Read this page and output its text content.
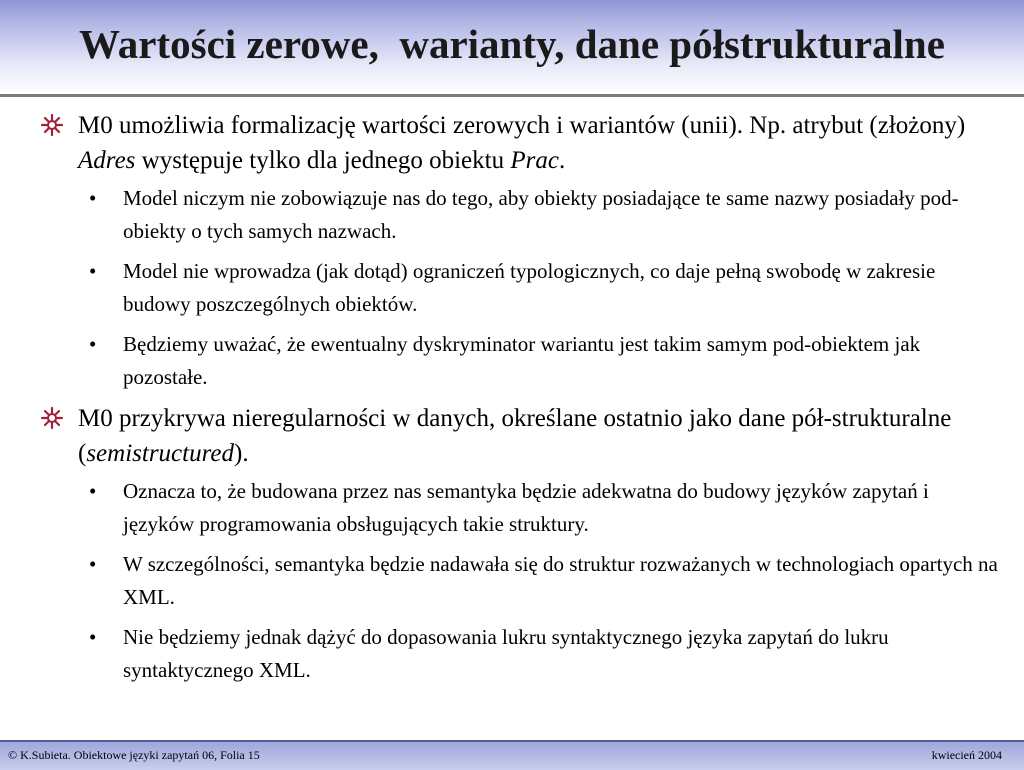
Wartości zerowe,  warianty, dane półstrukturalne
M0 umożliwia formalizację wartości zerowych i wariantów (unii). Np. atrybut (złożony) Adres występuje tylko dla jednego obiektu Prac.
• Model niczym nie zobowiązuje nas do tego, aby obiekty posiadające te same nazwy posiadały pod-obiekty o tych samych nazwach.
• Model nie wprowadza (jak dotąd) ograniczeń typologicznych, co daje pełną swobodę w zakresie budowy poszczególnych obiektów.
• Będziemy uważać, że ewentualny dyskryminator wariantu jest takim samym pod-obiektem jak pozostałe.
M0 przykrywa nieregularności w danych, określane ostatnio jako dane pół-strukturalne (semistructured).
• Oznacza to, że budowana przez nas semantyka będzie adekwatna do budowy języków zapytań i języków programowania obsługujących takie struktury.
• W szczególności, semantyka będzie nadawała się do struktur rozważanych w technologiach opartych na XML.
• Nie będziemy jednak dążyć do dopasowania lukru syntaktycznego języka zapytań do lukru syntaktycznego XML.
© K.Subieta. Obiektowe języki zapytań 06, Folia 15	kwiecień 2004
